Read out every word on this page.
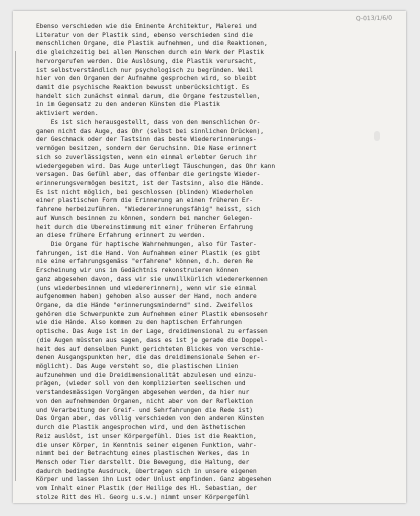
Q-013/1/6/0
Ebenso verschieden wie die Eminente Architektur, Malerei und
Literatur von der Plastik sind, ebenso verschieden sind die
menschlichen Organe, die Plastik aufnehmen, und die Reaktionen,
die gleichzeitig bei allen Menschen durch ein Werk der Plastik
hervorgerufen werden. Die Auslösung, die Plastik verursacht,
ist selbstverständlich nur psychologisch zu begründen. Weil
hier von den Organen der Aufnahme gesprochen wird, so bleibt
damit die psychische Reaktion bewusst unberücksichtigt. Es
handelt sich zunächst einmal darum, die Organe festzustellen,
in im Gegensatz zu den anderen Künsten die Plastik
aktiviert werden.
Es ist sich herausgestellt, dass von den menschlichen Or-
ganen nicht das Auge, das Ohr (selbst bei sinnlichen Drücken),
der Geschmack oder der Tastsinn das beste Wiedererinnerungs-
vermögen besitzen, sondern der Geruchsinn. Die Nase erinnert
sich so zuverlässigsten, wenn ein einmal erlebter Geruch ihr
wiedergegeben wird. Das Auge unterliegt Täuschungen, das Ohr kann
versagen. Das Gefühl aber, das offenbar die geringste Wieder-
erinnerungsvermögen besitzt, ist der Tastsinn, also die Hände.
Es ist nicht möglich, bei geschlossen (blinden) Wiederholen
einer plastischen Form die Erinnerung an einen früheren Er-
fahrene herbeizuführen. "Wiedererinnerungsfähig" heisst, sich
auf Wunsch besinnen zu können, sondern bei mancher Gelegen-
heit durch die Übereinstimmung mit einer früheren Erfahrung
an diese frühere Erfahrung erinnert zu werden.
Die Organe für haptische Wahrnehmungen, also für Taster-
fahrungen, ist die Hand. Von Aufnahmen einer Plastik (es gibt
nie eine erfahrungsgemäss "erfahrene" können, d.h. deren Re
Erscheinung wir uns im Gedächtnis rekonstruieren können
ganz abgesehen davon, dass wir sie unwillkürlich wiedererkennen
(uns wiederbesinnen und wiedererinnern), wenn wir sie einmal
aufgenommen haben) gehoben also ausser der Hand, noch andere
Organe, da die Hände "erinnerungsmindernd" sind. Zweifellos
gehören die Schwerpunkte zum Aufnehmen einer Plastik ebensosehr
wie die Hände. Also kommen zu den haptischen Erfahrungen
optische. Das Auge ist in der Lage, dreidimensional zu erfassen
(die Augen müssten aus sagen, dass es ist je gerade die Doppel-
heit des auf denselben Punkt gerichteten Blickes von verschie-
denen Ausgangspunkten her, die das dreidimensionale Sehen er-
möglicht). Das Auge versteht so, die plastischen Linien
aufzunehmen und die Dreidimensionalität abzulesen und einzu-
prägen, (wieder soll von den komplizierten seelischen und
verstandesmässigen Vorgängen abgesehen werden, da hier nur
von den aufnehmenden Organen, nicht aber von der Reflektion
und Verarbeitung der Greif- und Sehrfahrungen die Rede ist)
Das Organ aber, das völlig verschieden von den anderen Künsten
durch die Plastik angesprochen wird, und den ästhetischen
Reiz auslöst, ist unser Körpergefühl. Dies ist die Reaktion,
die unser Körper, in Kenntnis seiner eigenen Funktion, wahr-
nimmt bei der Betrachtung eines plastischen Werkes, das in
Mensch oder Tier darstellt. Die Bewegung, die Haltung, der
dadurch bedingte Ausdruck, übertragen sich in unsere eigenen
Körper und lassen ihn Lust oder Unlust empfinden. Ganz abgesehen
vom Inhalt einer Plastik (der Heilige des Hl. Sebastian, der
stolze Ritt des Hl. Georg u.s.w.) nimmt unser Körpergefühl
